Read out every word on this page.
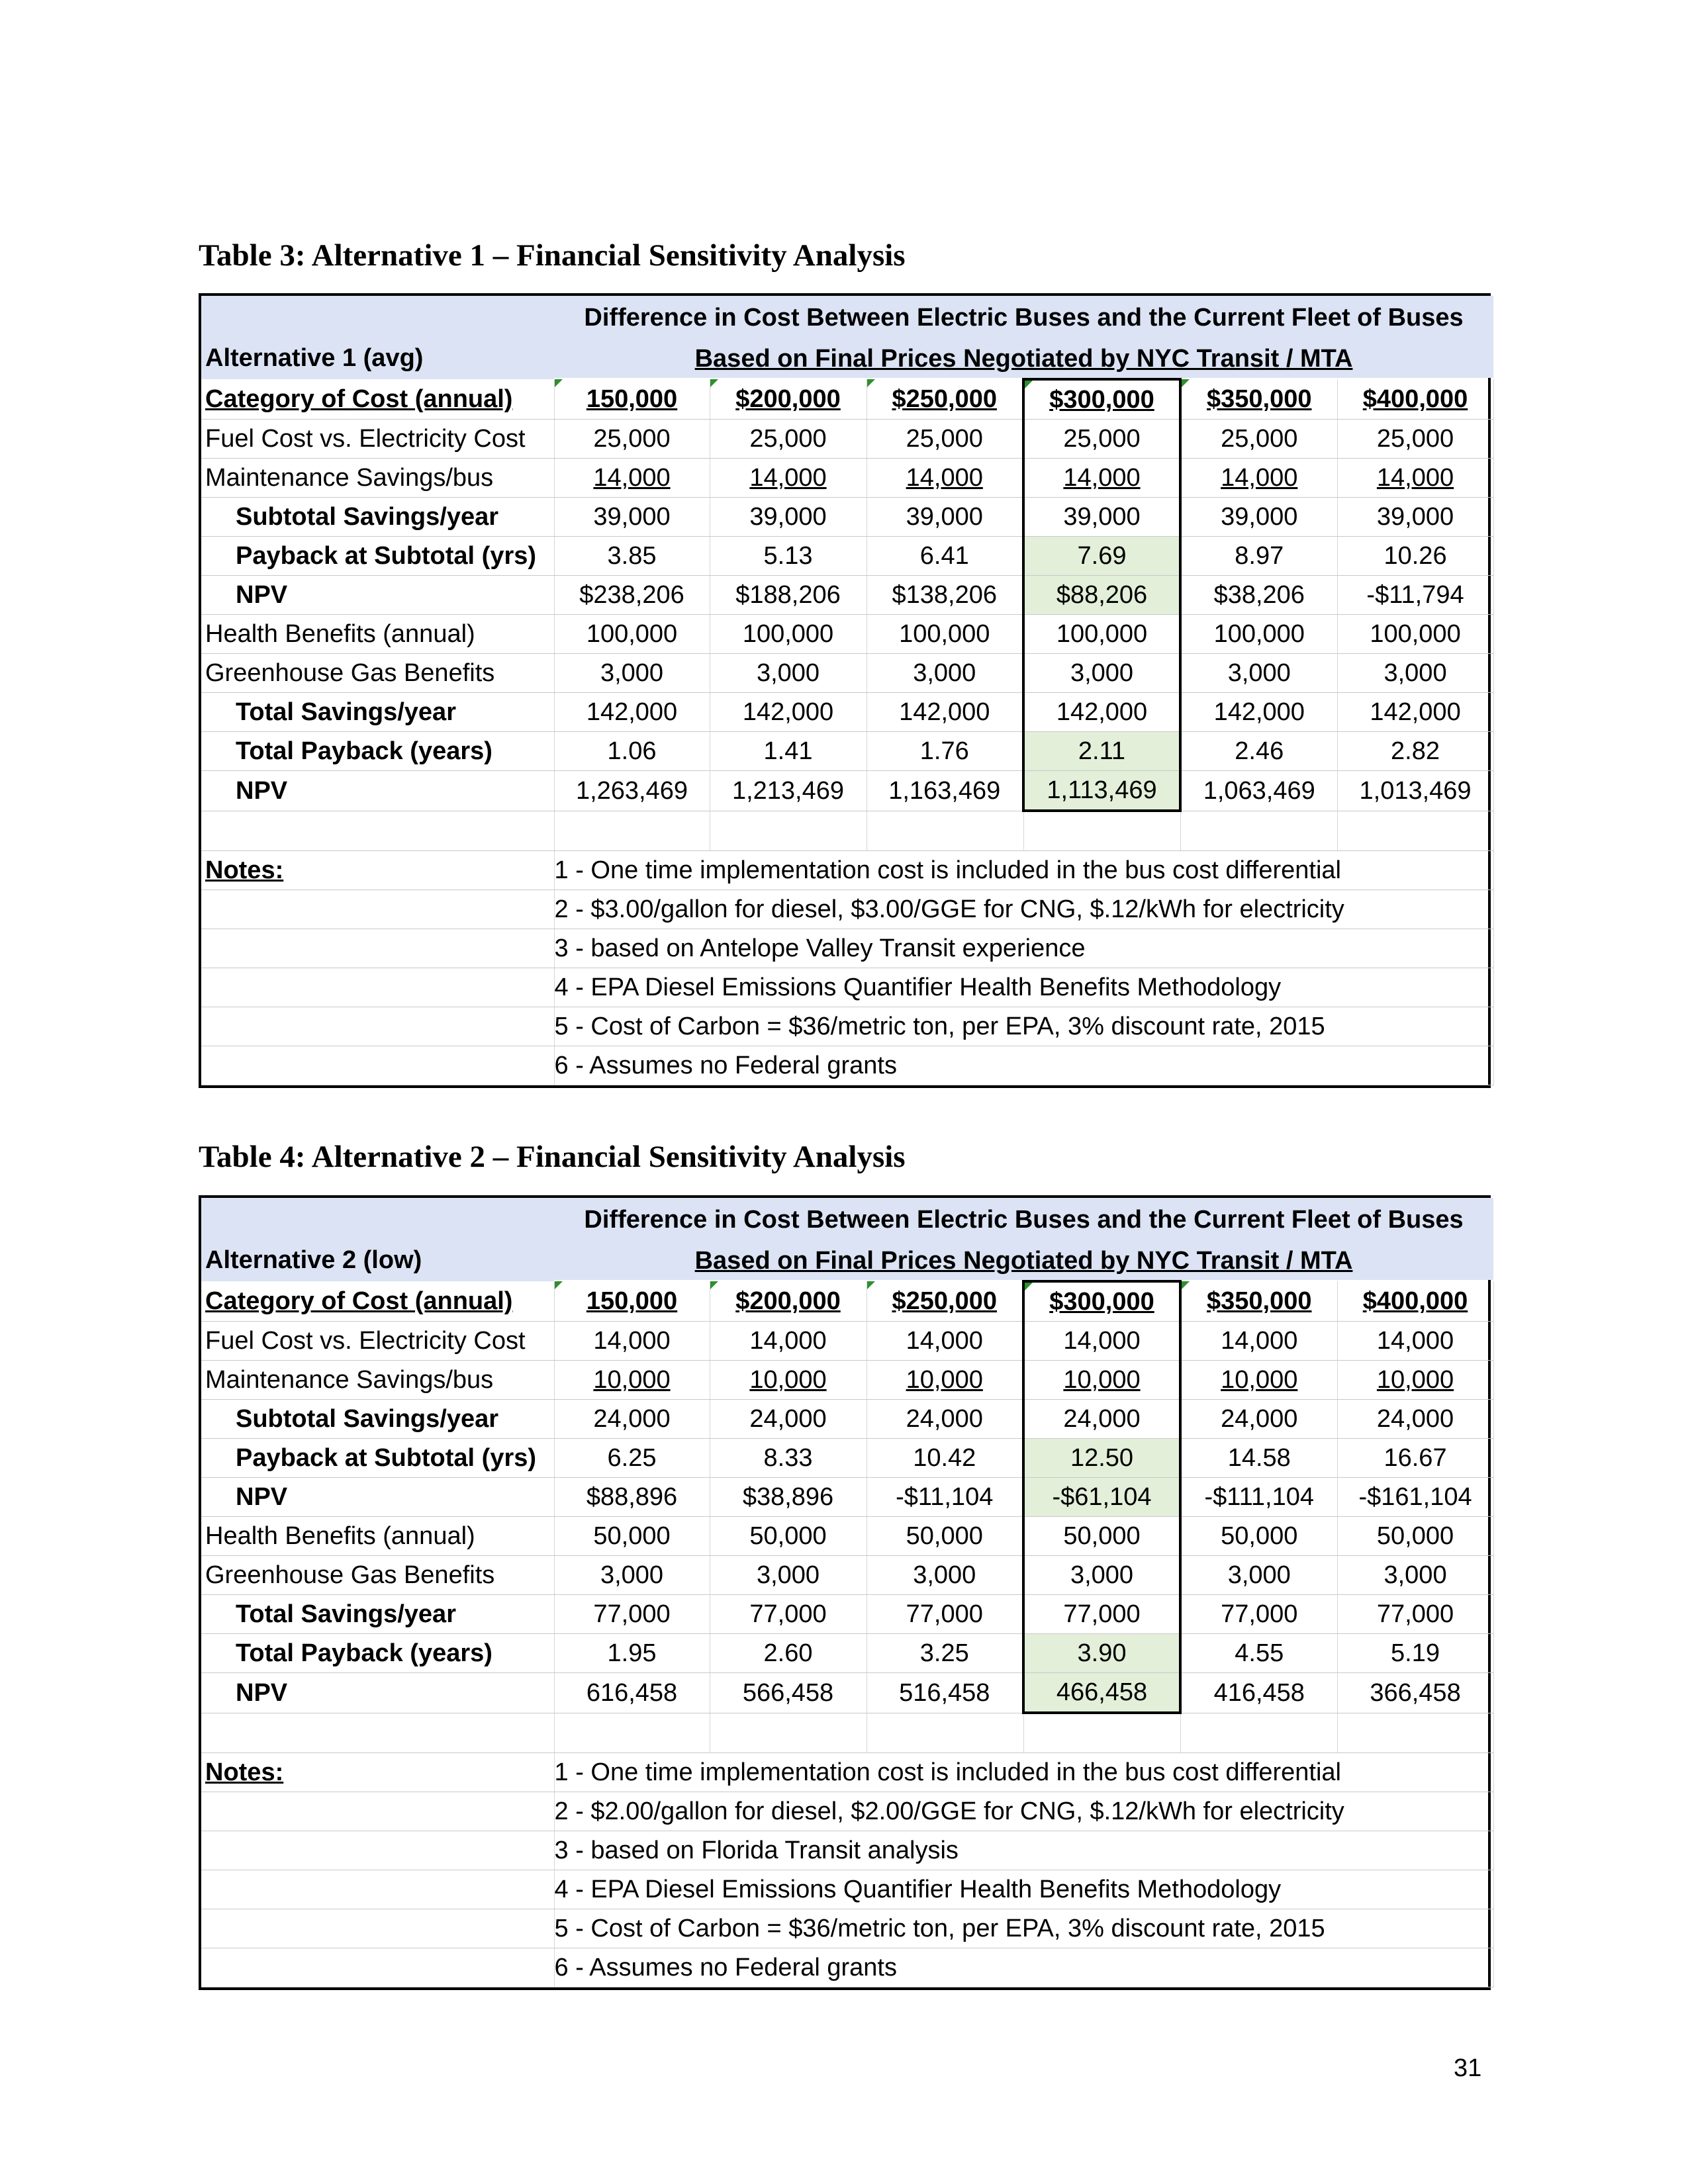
Table 3: Alternative 1 – Financial Sensitivity Analysis
	Difference in Cost Between Electric Buses and the Current Fleet of Buses					
Alternative 1 (avg)	Based on Final Prices Negotiated by NYC Transit / MTA					
Category of Cost (annual)	150,000	$200,000	$250,000	$300,000	$350,000	$400,000
Fuel Cost vs. Electricity Cost	25,000	25,000	25,000	25,000	25,000	25,000
Maintenance Savings/bus	14,000	14,000	14,000	14,000	14,000	14,000
Subtotal Savings/year	39,000	39,000	39,000	39,000	39,000	39,000
Payback at Subtotal (yrs)	3.85	5.13	6.41	7.69	8.97	10.26
NPV	$238,206	$188,206	$138,206	$88,206	$38,206	-$11,794
Health Benefits (annual)	100,000	100,000	100,000	100,000	100,000	100,000
Greenhouse Gas Benefits	3,000	3,000	3,000	3,000	3,000	3,000
Total Savings/year	142,000	142,000	142,000	142,000	142,000	142,000
Total Payback (years)	1.06	1.41	1.76	2.11	2.46	2.82
NPV	1,263,469	1,213,469	1,163,469	1,113,469	1,063,469	1,013,469

Notes:	1 - One time implementation cost is included in the bus cost differential					
	2 - $3.00/gallon for diesel, $3.00/GGE for CNG, $.12/kWh for electricity					
	3 - based on Antelope Valley Transit experience					
	4 - EPA Diesel Emissions Quantifier Health Benefits Methodology					
	5 - Cost of Carbon = $36/metric ton, per EPA, 3% discount rate, 2015					
	6 - Assumes no Federal grants					
Table 4: Alternative 2 – Financial Sensitivity Analysis
	Difference in Cost Between Electric Buses and the Current Fleet of Buses					
Alternative 2 (low)	Based on Final Prices Negotiated by NYC Transit / MTA					
Category of Cost (annual)	150,000	$200,000	$250,000	$300,000	$350,000	$400,000
Fuel Cost vs. Electricity Cost	14,000	14,000	14,000	14,000	14,000	14,000
Maintenance Savings/bus	10,000	10,000	10,000	10,000	10,000	10,000
Subtotal Savings/year	24,000	24,000	24,000	24,000	24,000	24,000
Payback at Subtotal (yrs)	6.25	8.33	10.42	12.50	14.58	16.67
NPV	$88,896	$38,896	-$11,104	-$61,104	-$111,104	-$161,104
Health Benefits (annual)	50,000	50,000	50,000	50,000	50,000	50,000
Greenhouse Gas Benefits	3,000	3,000	3,000	3,000	3,000	3,000
Total Savings/year	77,000	77,000	77,000	77,000	77,000	77,000
Total Payback (years)	1.95	2.60	3.25	3.90	4.55	5.19
NPV	616,458	566,458	516,458	466,458	416,458	366,458

Notes:	1 - One time implementation cost is included in the bus cost differential					
	2 - $2.00/gallon for diesel, $2.00/GGE for CNG, $.12/kWh for electricity					
	3 - based on Florida Transit analysis					
	4 - EPA Diesel Emissions Quantifier Health Benefits Methodology					
	5 - Cost of Carbon = $36/metric ton, per EPA, 3% discount rate, 2015					
	6 - Assumes no Federal grants					
31
